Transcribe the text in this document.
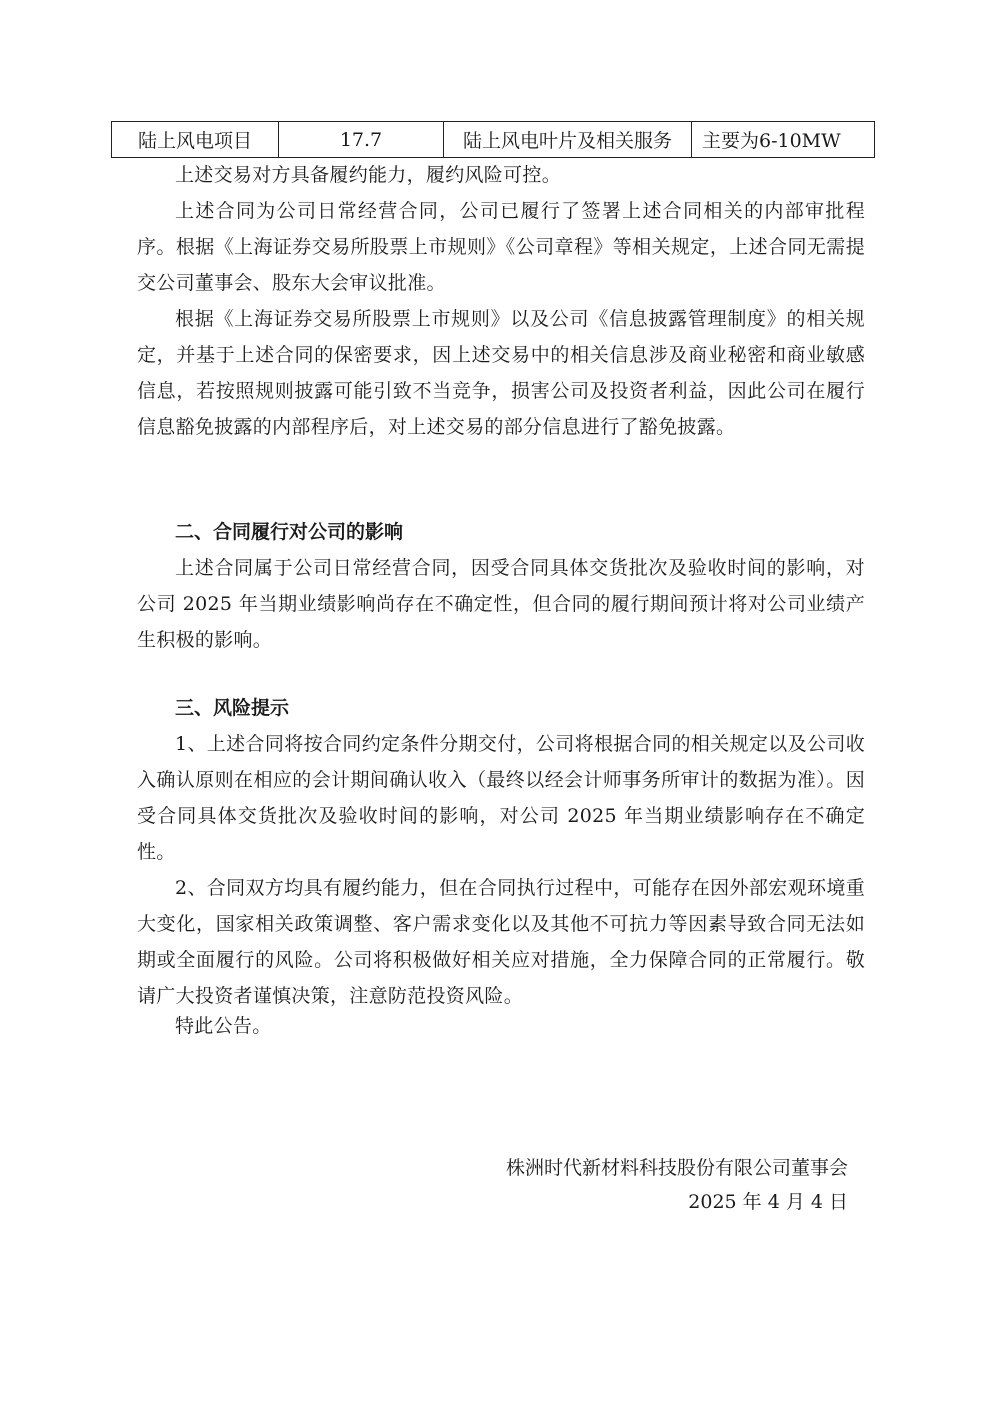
陆上风电项目	17.7	陆上风电叶片及相关服务	主要为6-10MW

上述交易对方具备履约能力，履约风险可控。

上述合同为公司日常经营合同，公司已履行了签署上述合同相关的内部审批程序。根据《上海证券交易所股票上市规则》《公司章程》等相关规定，上述合同无需提交公司董事会、股东大会审议批准。

根据《上海证券交易所股票上市规则》以及公司《信息披露管理制度》的相关规定，并基于上述合同的保密要求，因上述交易中的相关信息涉及商业秘密和商业敏感信息，若按照规则披露可能引致不当竞争，损害公司及投资者利益，因此公司在履行信息豁免披露的内部程序后，对上述交易的部分信息进行了豁免披露。

二、合同履行对公司的影响

上述合同属于公司日常经营合同，因受合同具体交货批次及验收时间的影响，对公司 2025 年当期业绩影响尚存在不确定性，但合同的履行期间预计将对公司业绩产生积极的影响。

三、风险提示

1、上述合同将按合同约定条件分期交付，公司将根据合同的相关规定以及公司收入确认原则在相应的会计期间确认收入（最终以经会计师事务所审计的数据为准）。因受合同具体交货批次及验收时间的影响，对公司 2025 年当期业绩影响存在不确定性。

2、合同双方均具有履约能力，但在合同执行过程中，可能存在因外部宏观环境重大变化，国家相关政策调整、客户需求变化以及其他不可抗力等因素导致合同无法如期或全面履行的风险。公司将积极做好相关应对措施，全力保障合同的正常履行。敬请广大投资者谨慎决策，注意防范投资风险。

特此公告。

株洲时代新材料科技股份有限公司董事会

2025 年 4 月 4 日
